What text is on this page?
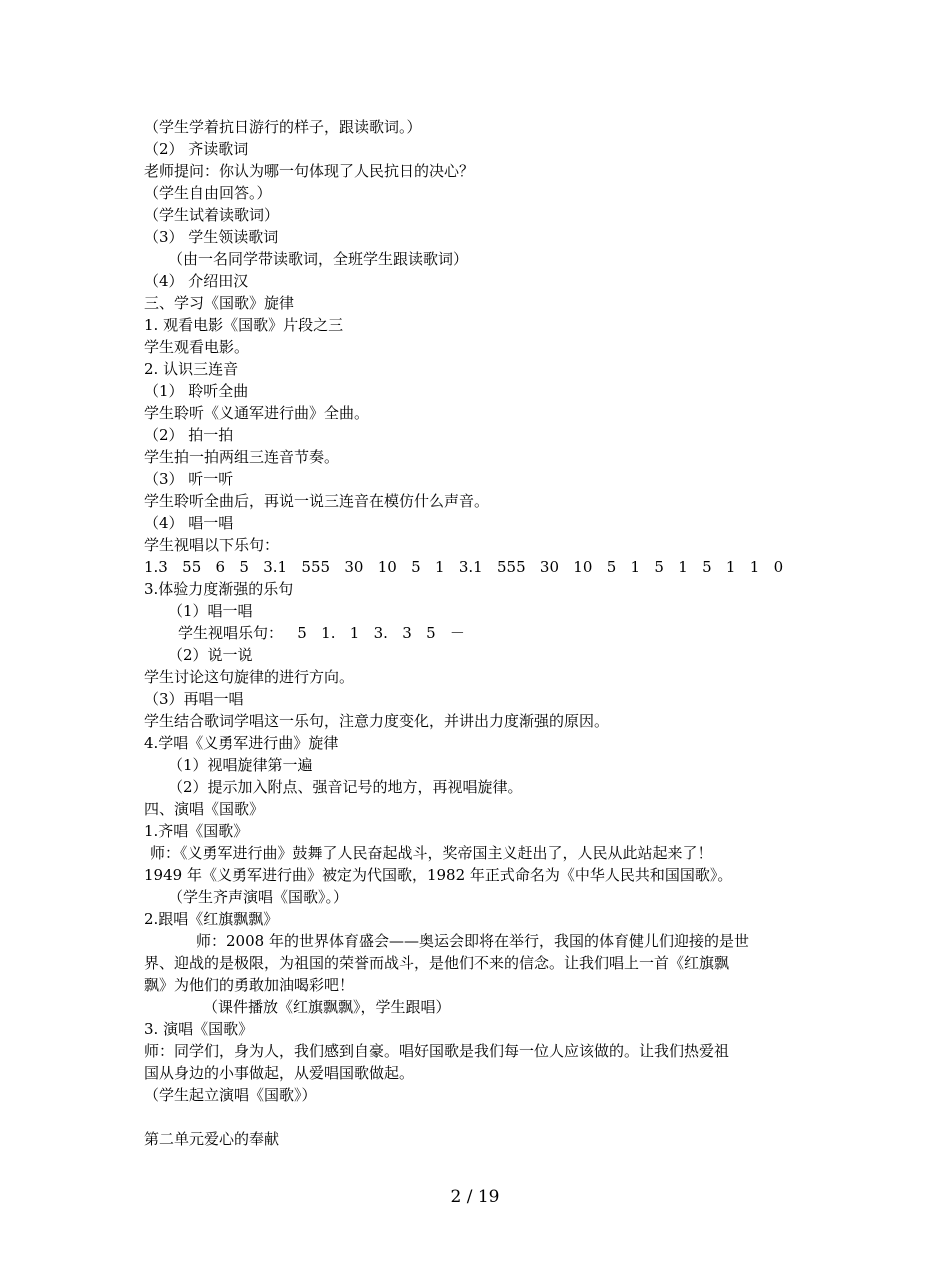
（学生学着抗日游行的样子，跟读歌词。）
（2） 齐读歌词
老师提问：你认为哪一句体现了人民抗日的决心？
（学生自由回答。）
（学生试着读歌词）
（3） 学生领读歌词
（由一名同学带读歌词，全班学生跟读歌词）
（4） 介绍田汉
三、学习《国歌》旋律
1. 观看电影《国歌》片段之三
学生观看电影。
2. 认识三连音
（1） 聆听全曲
学生聆听《义通军进行曲》全曲。
（2） 拍一拍
学生拍一拍两组三连音节奏。
（3） 听一听
学生聆听全曲后，再说一说三连音在模仿什么声音。
（4） 唱一唱
学生视唱以下乐句：
1.3   55   6   5   3.1   555   30   10   5   1   3.1   555   30   10   5   1   5   1   5   1   1   0
3.体验力度渐强的乐句
（1）唱一唱
学生视唱乐句：   5   1.   1   3.   3   5   －
（2）说一说
学生讨论这句旋律的进行方向。
（3）再唱一唱
学生结合歌词学唱这一乐句，注意力度变化，并讲出力度渐强的原因。
4.学唱《义勇军进行曲》旋律
（1）视唱旋律第一遍
（2）提示加入附点、强音记号的地方，再视唱旋律。
四、演唱《国歌》
1.齐唱《国歌》
师：《义勇军进行曲》鼓舞了人民奋起战斗，奖帝国主义赶出了，人民从此站起来了！
1949 年《义勇军进行曲》被定为代国歌，1982 年正式命名为《中华人民共和国国歌》。
（学生齐声演唱《国歌》。）
2.跟唱《红旗飘飘》
师：2008 年的世界体育盛会——奥运会即将在举行，我国的体育健儿们迎接的是世
界、迎战的是极限，为祖国的荣誉而战斗，是他们不来的信念。让我们唱上一首《红旗飘
飘》为他们的勇敢加油喝彩吧！
（课件播放《红旗飘飘》，学生跟唱）
3. 演唱《国歌》
师：同学们，身为人，我们感到自豪。唱好国歌是我们每一位人应该做的。让我们热爱祖
国从身边的小事做起，从爱唱国歌做起。
（学生起立演唱《国歌》）
第二单元爱心的奉献
2 / 19
